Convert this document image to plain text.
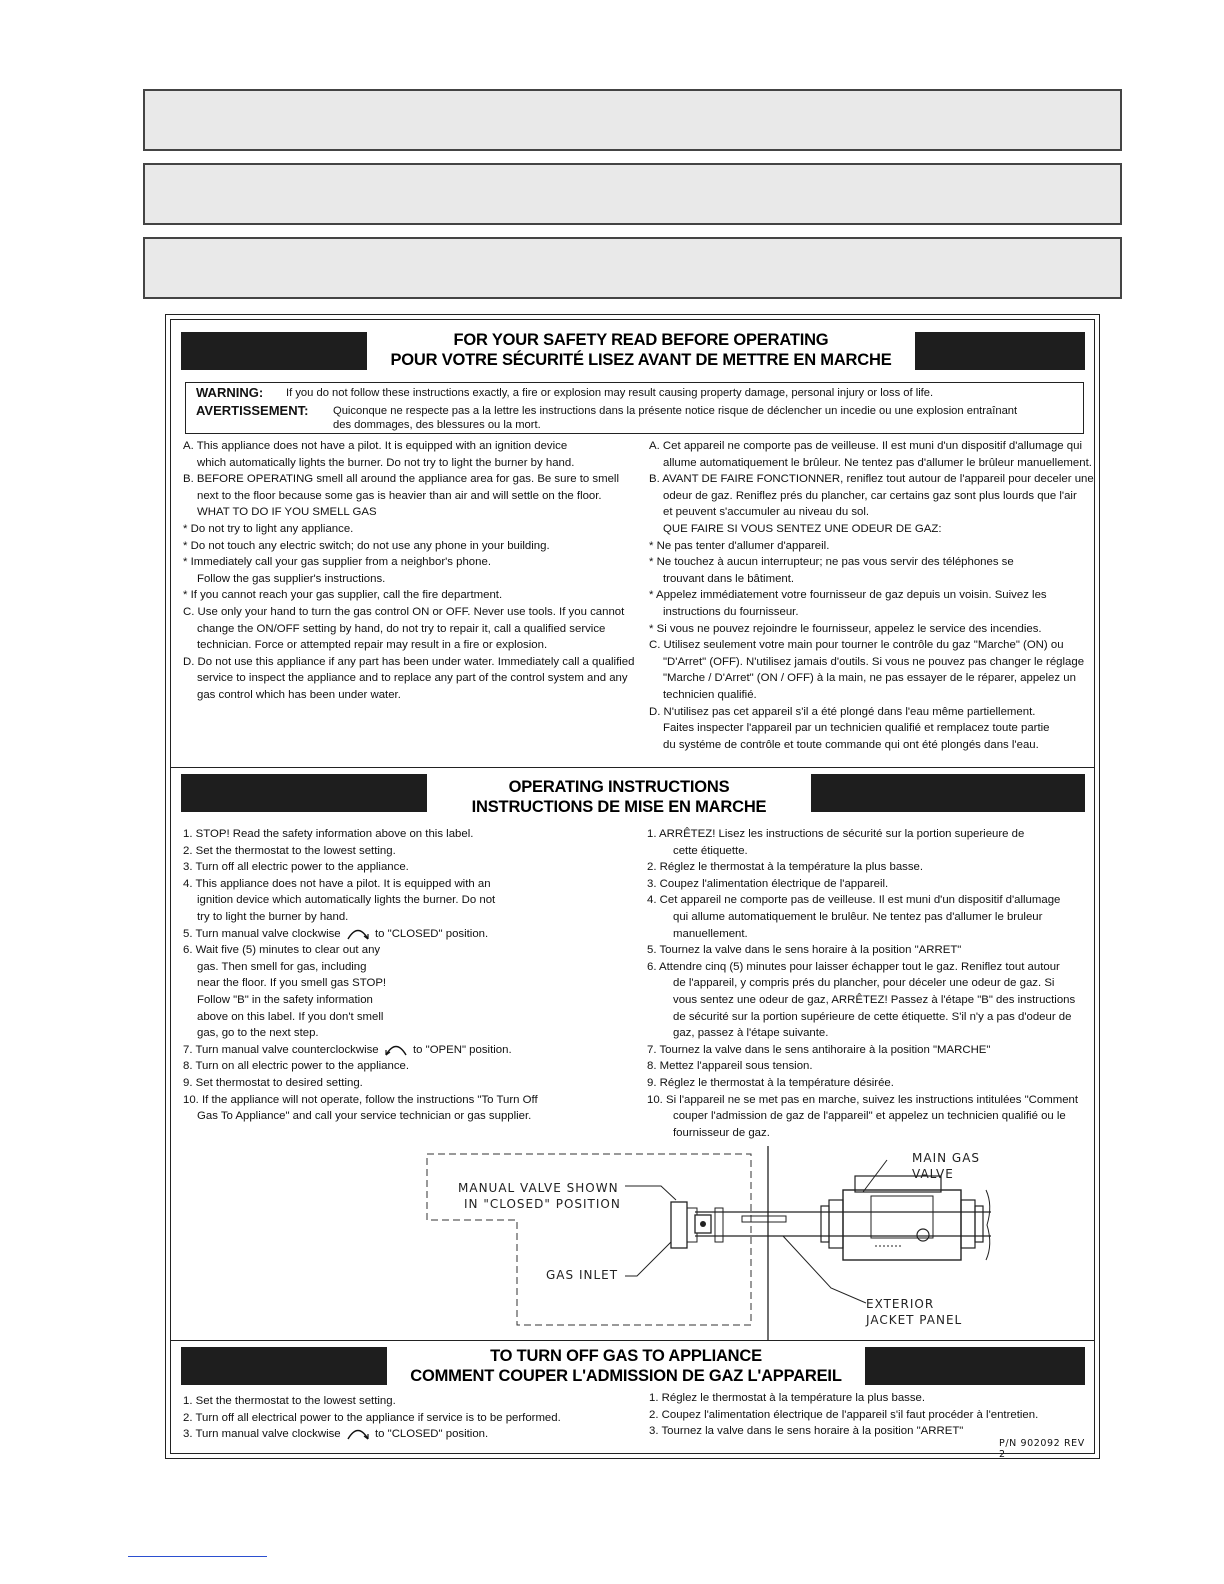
FOR YOUR SAFETY READ BEFORE OPERATING
POUR VOTRE SÉCURITÉ LISEZ AVANT DE METTRE EN MARCHE
WARNING: If you do not follow these instructions exactly, a fire or explosion may result causing property damage, personal injury or loss of life.
AVERTISSEMENT: Quiconque ne respecte pas a la lettre les instructions dans la présente notice risque de déclencher un incedie ou une explosion entraînant
des dommages, des blessures ou la mort.

A. This appliance does not have a pilot. It is equipped with an ignition device

which automatically lights the burner. Do not try to light the burner by hand.

B. BEFORE OPERATING smell all around the appliance area for gas. Be sure to smell

next to the floor because some gas is heavier than air and will settle on the floor.

WHAT TO DO IF YOU SMELL GAS

* Do not try to light any appliance.

* Do not touch any electric switch; do not use any phone in your building.

* Immediately call your gas supplier from a neighbor's phone.

Follow the gas supplier's instructions.

* If you cannot reach your gas supplier, call the fire department.

C. Use only your hand to turn the gas control ON or OFF. Never use tools. If you cannot

change the ON/OFF setting by hand, do not try to repair it, call a qualified service

technician. Force or attempted repair may result in a fire or explosion.

D. Do not use this appliance if any part has been under water. Immediately call a qualified

service to inspect the appliance and to replace any part of the control system and any

gas control which has been under water.

A. Cet appareil ne comporte pas de veilleuse. Il est muni d'un dispositif d'allumage qui

allume automatiquement le brûleur. Ne tentez pas d'allumer le brûleur manuellement.

B. AVANT DE FAIRE FONCTIONNER, reniflez tout autour de l'appareil pour deceler une

odeur de gaz. Reniflez prés du plancher, car certains gaz sont plus lourds que l'air

et peuvent s'accumuler au niveau du sol.

QUE FAIRE SI VOUS SENTEZ UNE ODEUR DE GAZ:

* Ne pas tenter d'allumer d'appareil.

* Ne touchez à aucun interrupteur; ne pas vous servir des téléphones se

trouvant dans le bâtiment.

* Appelez immédiatement votre fournisseur de gaz depuis un voisin. Suivez les

instructions du fournisseur.

* Si vous ne pouvez rejoindre le fournisseur, appelez le service des incendies.

C. Utilisez seulement votre main pour tourner le contrôle du gaz "Marche" (ON) ou

"D'Arret" (OFF). N'utilisez jamais d'outils. Si vous ne pouvez pas changer le réglage

"Marche / D'Arret" (ON / OFF) à la main, ne pas essayer de le réparer, appelez un

technicien qualifié.

D. N'utilisez pas cet appareil s'il a été plongé dans l'eau même partiellement.

Faites inspecter l'appareil par un technicien qualifié et remplacez toute partie

du systéme de contrôle et toute commande qui ont été plongés dans l'eau.

OPERATING INSTRUCTIONS
INSTRUCTIONS DE MISE EN MARCHE

1. STOP! Read the safety information above on this label.

2. Set the thermostat to the lowest setting.

3. Turn off all electric power to the appliance.

4. This appliance does not have a pilot. It is equipped with an

ignition device which automatically lights the burner. Do not

try to light the burner by hand.

5. Turn manual valve clockwise	to "CLOSED" position.

6. Wait five (5) minutes to clear out any

gas. Then smell for gas, including

near the floor. If you smell gas STOP!

Follow "B" in the safety information

above on this label. If you don't smell

gas, go to the next step.

7. Turn manual valve counterclockwise	to "OPEN" position.

8. Turn on all electric power to the appliance.

9. Set thermostat to desired setting.

10. If the appliance will not operate, follow the instructions "To Turn Off

Gas To Appliance" and call your service technician or gas supplier.

1. ARRÊTEZ! Lisez les instructions de sécurité sur la portion superieure de

cette étiquette.

2. Réglez le thermostat à la température la plus basse.

3. Coupez l'alimentation électrique de l'appareil.

4. Cet appareil ne comporte pas de veilleuse. Il est muni d'un dispositif d'allumage

qui allume automatiquement le brulêur. Ne tentez pas d'allumer le bruleur

manuellement.

5. Tournez la valve dans le sens horaire à la position "ARRET"

6. Attendre cinq (5) minutes pour laisser échapper tout le gaz. Reniflez tout autour

de l'appareil, y compris prés du plancher, pour déceler une odeur de gaz. Si

vous sentez une odeur de gaz, ARRÊTEZ! Passez à l'étape "B" des instructions

de sécurité sur la portion supérieure de cette étiquette. S'il n'y a pas d'odeur de

gaz, passez à l'étape suivante.

7. Tournez la valve dans le sens antihoraire à la position "MARCHE"

8. Mettez l'appareil sous tension.

9. Réglez le thermostat à la température désirée.

10. Si l'appareil ne se met pas en marche, suivez les instructions intitulées "Comment

couper l'admission de gaz de l'appareil" et appelez un technicien qualifié ou le

fournisseur de gaz.

MANUAL VALVE SHOWN
IN "CLOSED" POSITION
GAS INLET
MAIN GAS
VALVE
EXTERIOR
JACKET PANEL
TO TURN OFF GAS TO APPLIANCE
COMMENT COUPER L'ADMISSION DE GAZ L'APPAREIL

1. Set the thermostat to the lowest setting.

2. Turn off all electrical power to the appliance if service is to be performed.

3. Turn manual valve clockwise	to "CLOSED" position.

1. Réglez le thermostat à la température la plus basse.

2. Coupez l'alimentation électrique de l'appareil s'il faut procéder à l'entretien.

3. Tournez la valve dans le sens horaire à la position "ARRET"

P/N 902092 REV 2
